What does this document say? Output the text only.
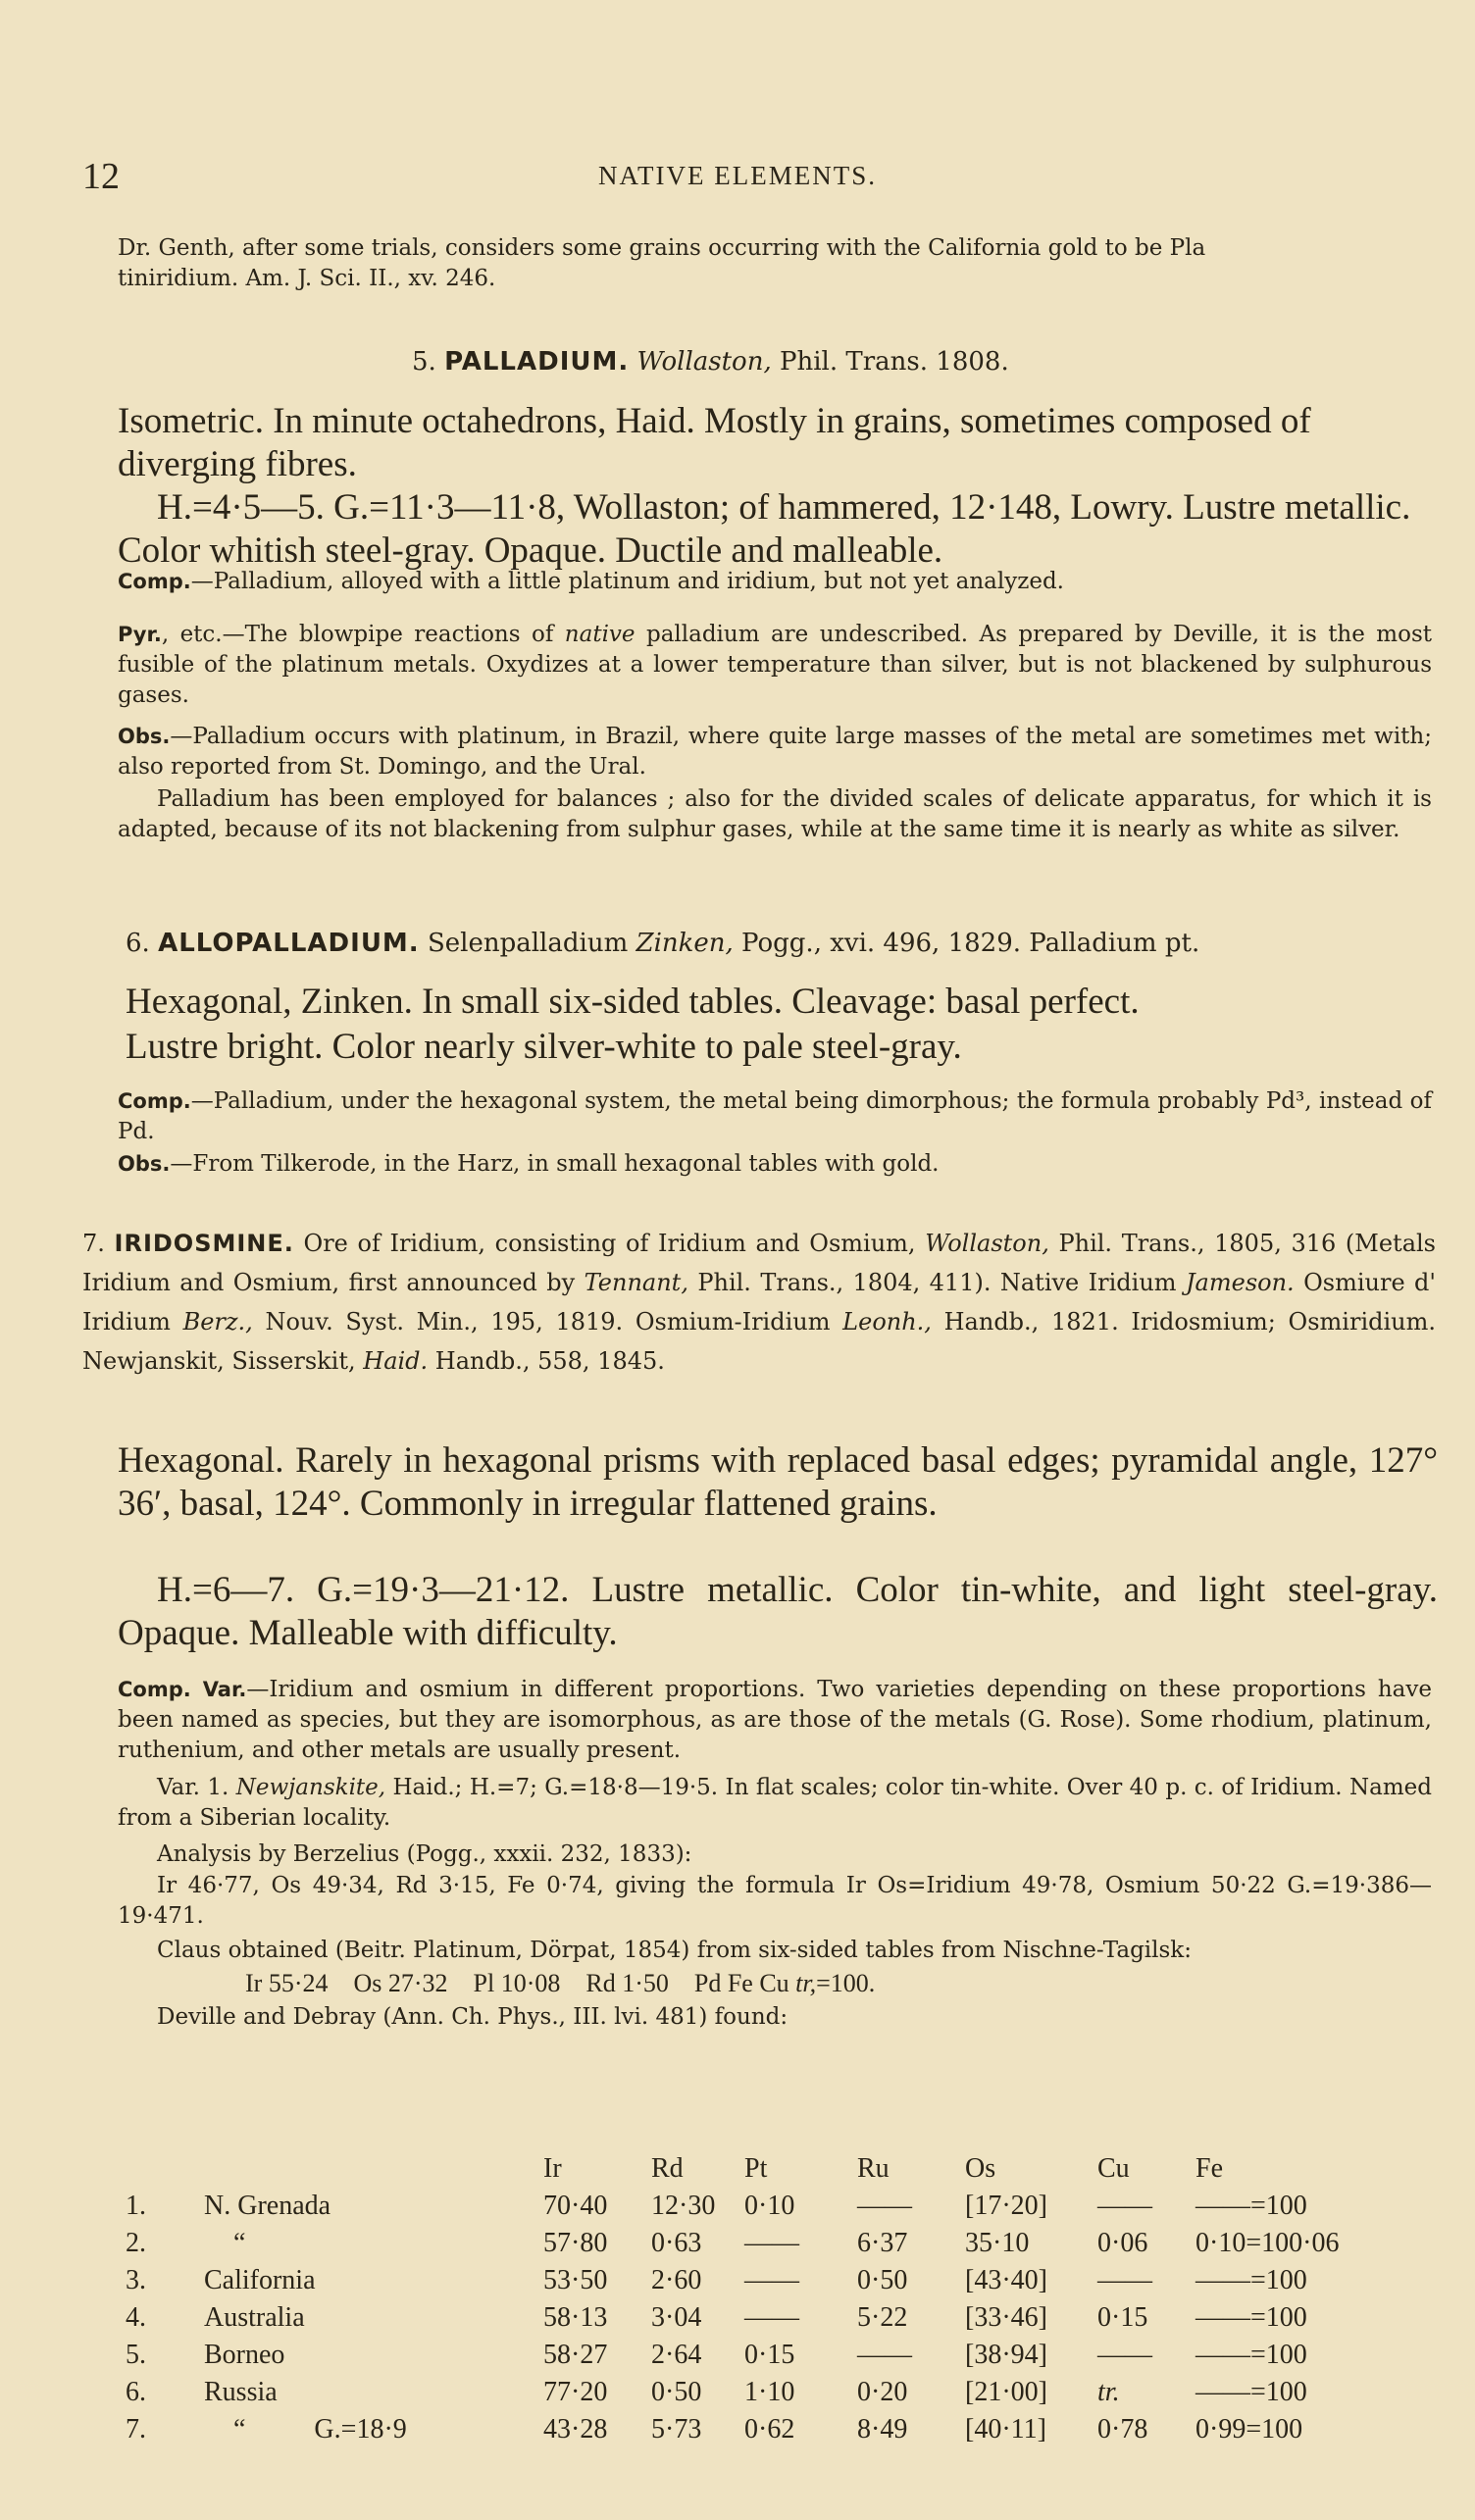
12	NATIVE ELEMENTS.
Dr. Genth, after some trials, considers some grains occurring with the California gold to be Pla
tiniridium. Am. J. Sci. II., xv. 246.
5. PALLADIUM. Wollaston, Phil. Trans. 1808.
Isometric. In minute octahedrons, Haid. Mostly in grains, sometimes composed of diverging fibres.
H.=4·5—5. G.=11·3—11·8, Wollaston; of hammered, 12·148, Lowry. Lustre metallic. Color whitish steel-gray. Opaque. Ductile and malleable.
Comp.—Palladium, alloyed with a little platinum and iridium, but not yet analyzed.
Pyr., etc.—The blowpipe reactions of native palladium are undescribed. As prepared by Deville, it is the most fusible of the platinum metals. Oxydizes at a lower temperature than silver, but is not blackened by sulphurous gases.
Obs.—Palladium occurs with platinum, in Brazil, where quite large masses of the metal are sometimes met with; also reported from St. Domingo, and the Ural.
Palladium has been employed for balances ; also for the divided scales of delicate apparatus, for which it is adapted, because of its not blackening from sulphur gases, while at the same time it is nearly as white as silver.
6. ALLOPALLADIUM. Selenpalladium Zinken, Pogg., xvi. 496, 1829. Palladium pt.
Hexagonal, Zinken. In small six-sided tables. Cleavage: basal perfect.
Lustre bright. Color nearly silver-white to pale steel-gray.
Comp.—Palladium, under the hexagonal system, the metal being dimorphous; the formula probably Pd³, instead of Pd.
Obs.—From Tilkerode, in the Harz, in small hexagonal tables with gold.
7. IRIDOSMINE. Ore of Iridium, consisting of Iridium and Osmium, Wollaston, Phil. Trans., 1805, 316 (Metals Iridium and Osmium, first announced by Tennant, Phil. Trans., 1804, 411). Native Iridium Jameson. Osmiure d' Iridium Berz., Nouv. Syst. Min., 195, 1819. Osmium-Iridium Leonh., Handb., 1821. Iridosmium; Osmiridium. Newjanskit, Sisserskit, Haid. Handb., 558, 1845.
Hexagonal. Rarely in hexagonal prisms with replaced basal edges; pyramidal angle, 127° 36′, basal, 124°. Commonly in irregular flattened grains.
H.=6—7. G.=19·3—21·12. Lustre metallic. Color tin-white, and light steel-gray. Opaque. Malleable with difficulty.
Comp. Var.—Iridium and osmium in different proportions. Two varieties depending on these proportions have been named as species, but they are isomorphous, as are those of the metals (G. Rose). Some rhodium, platinum, ruthenium, and other metals are usually present.
Var. 1. Newjanskite, Haid.; H.=7; G.=18·8—19·5. In flat scales; color tin-white. Over 40 p. c. of Iridium. Named from a Siberian locality.
Analysis by Berzelius (Pogg., xxxii. 232, 1833):
Ir 46·77, Os 49·34, Rd 3·15, Fe 0·74, giving the formula Ir Os=Iridium 49·78, Osmium 50·22 G.=19·386—19·471.
Claus obtained (Beitr. Platinum, Dörpat, 1854) from six-sided tables from Nischne-Tagilsk:
Ir 55·24    Os 27·32    Pl 10·08    Rd 1·50    Pd Fe Cu tr,=100.
Deville and Debray (Ann. Ch. Phys., III. lvi. 481) found:
		Ir	Rd	Pt	Ru	Os	Cu	Fe
1.	N. Grenada	70·40	12·30	0·10	——	[17·20]	——	——=100
2.	“	57·80	0·63	——	6·37	35·10	0·06	0·10=100·06
3.	California	53·50	2·60	——	0·50	[43·40]	——	——=100
4.	Australia	58·13	3·04	——	5·22	[33·46]	0·15	——=100
5.	Borneo	58·27	2·64	0·15	——	[38·94]	——	——=100
6.	Russia	77·20	0·50	1·10	0·20	[21·00]	tr.	——=100
7.	“          G.=18·9	43·28	5·73	0·62	8·49	[40·11]	0·78	0·99=100
